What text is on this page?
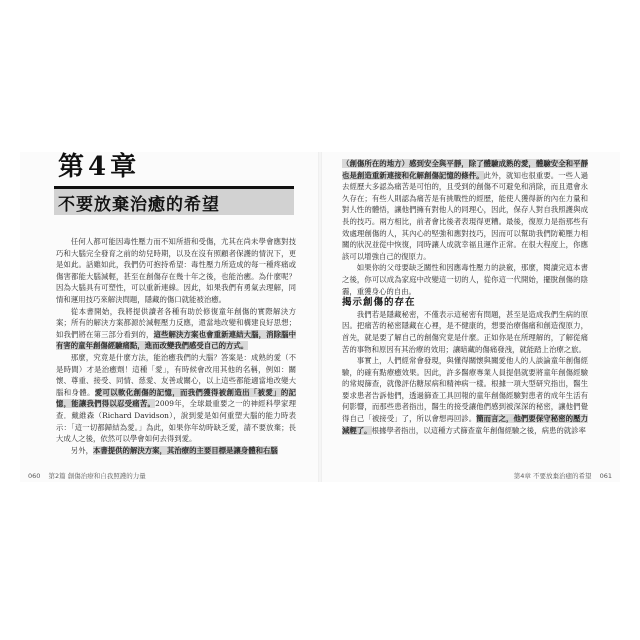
第4章
不要放棄治癒的希望

任何人都可能因毒性壓力而不知所措和受傷，尤其在尚未學會應對技巧和大腦完全發育之前的幼兒時期，以及在沒有照顧者保護的情況下，更是如此。話雖如此，我們仍可抱持希望：毒性壓力所造成的每一種疼痛或傷害都能大腦減輕，甚至在創傷存在幾十年之後，也能治癒。為什麼呢？因為大腦具有可塑性，可以重新連線。因此，如果我們有勇氣去理解，同情和運用技巧來解決問題，隱藏的傷口就能被治癒。

從本書開始，我將提供讀者各種有助於修復童年創傷的實際解決方案；所有的解決方案都源於減輕壓力反應，還當地改變和構建良好思想；如我們將在第三部分看到的，這些解決方案也會重新連結大腦，消除腦中有害的童年創傷經驗痛點，進而改變我們感受自己的方式。

那麼，究竟是什麼方法，能治癒我們的大腦？答案是：成熟的愛（不是時間）才是治癒劑！這種「愛」，有時候會改用其他的名稱，例如：關懷、尊重、接受、同情、慈愛、友善或關心，以上這些都能適當地改變大腦和身體。愛可以軟化創傷的記憶，而我們獲得被創造出「被愛」的記憶，能讓我們得以忍受痛苦。2009年，全球最重要之一的神經科學家理查．戴維森（Richard Davidson），說到愛是如何重塑大腦的能力時表示：「這一切都歸結為愛。」為此，如果你年幼時缺乏愛，請不要放棄；長大成人之後，依然可以學會如何去得到愛。

另外，本書提供的解決方案，其治療的主要目標是讓身體和右腦

060 第2篇 創傷治療和自我照護的力量

（創傷所在的地方）感到安全與平靜，除了體驗成熟的愛，體驗安全和平靜也是創造重新連接和化解創傷記憶的條件。此外，就知也很重要。一些人過去經歷大多認為痛苦是可怕的，且受到的創傷不可避免和消除，而且還會永久存在；有些人則認為痛苦是有挑戰性的經歷，能使人獲得新的內在力量和對人性的體悟，讓他們擁有對他人的同理心，因此，保存人對自我照護與成長的技巧。兩方相比，前者會比後者表現得更糟。最後，復原力是指那些有效處理創傷的人，其內心的堅強和應對技巧，因而可以幫助我們防範壓力相關的狀況並從中恢復，同時讓人成就幸福且運作正常。在很大程度上，你應該可以增強自己的復原力。

如果你的父母要缺乏關性和因應毒性壓力的訣竅，那麼，閱讀完這本書之後，你可以成為家庭中改變這一切的人，從你這一代開始，擺脫創傷的陰霾，重獲身心的自由。

揭示創傷的存在

我們若是隱藏秘密，不僅表示這秘密有問題，甚至是造成我們生病的原因。把痛苦的秘密隱藏在心裡，是不健康的，想要治療傷痛和創造復原力，首先，就是要了解自己的創傷究竟是什麼。正如你是在所理解的，了解從痛苦的事物和原因有其治療的效用；讓暗藏的傷痛發洩，就能踏上治療之旅。

事實上，人們經常會發現，與懂得關懷與關愛他人的人談論童年創傷經驗，的確有點療癒效果。因此，許多醫療專業人員提倡就要將童年創傷經驗的常規篩查，就像評估糖尿病和精神病一樣。根據一項大型研究指出，醫生要求患者告訴他們，透過篩查工具回報的童年創傷經驗對患者的成年生活有何影響，而那些患者指出，醫生的接受讓他們感到被深深的秘密，讓他們覺得自己「被接受」了，所以會想再回診。簡而言之，他們要保守秘密的壓力減輕了。根據學者指出，以這種方式篩查童年創傷經驗之後，病患的就診率

第4章 不要放棄治癒的希望 061
